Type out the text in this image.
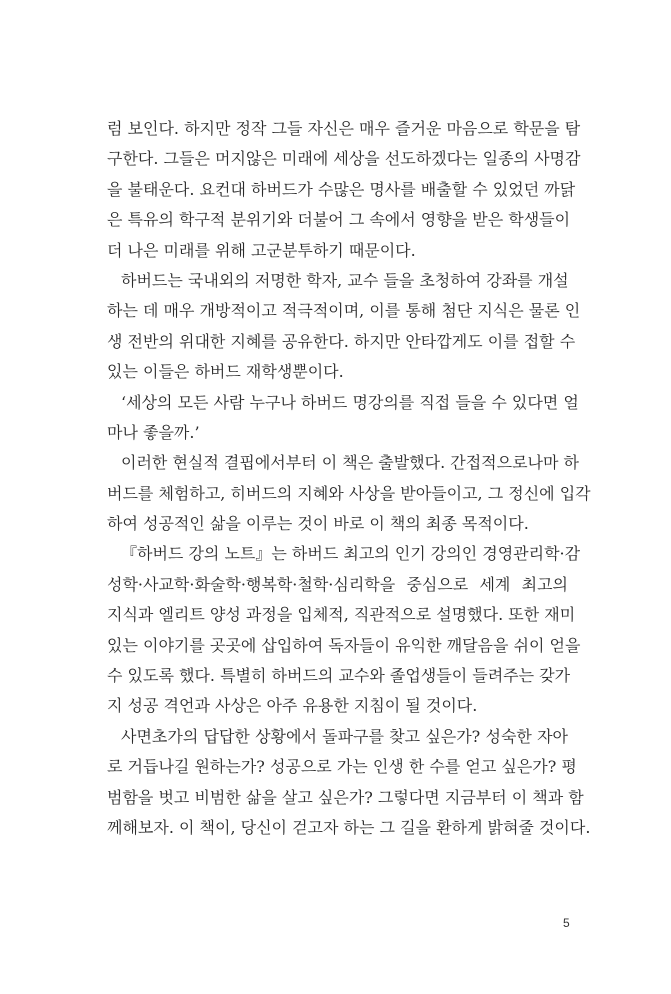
럼 보인다. 하지만 정작 그들 자신은 매우 즐거운 마음으로 학문을 탐
구한다. 그들은 머지않은 미래에 세상을 선도하겠다는 일종의 사명감
을 불태운다. 요컨대 하버드가 수많은 명사를 배출할 수 있었던 까닭
은 특유의 학구적 분위기와 더불어 그 속에서 영향을 받은 학생들이
더 나은 미래를 위해 고군분투하기 때문이다.
하버드는 국내외의 저명한 학자, 교수 들을 초청하여 강좌를 개설
하는 데 매우 개방적이고 적극적이며, 이를 통해 첨단 지식은 물론 인
생 전반의 위대한 지혜를 공유한다. 하지만 안타깝게도 이를 접할 수
있는 이들은 하버드 재학생뿐이다.
‘세상의 모든 사람 누구나 하버드 명강의를 직접 들을 수 있다면 얼
마나 좋을까.’
이러한 현실적 결핍에서부터 이 책은 출발했다. 간접적으로나마 하
버드를 체험하고, 히버드의 지혜와 사상을 받아들이고, 그 정신에 입각
하여 성공적인 삶을 이루는 것이 바로 이 책의 최종 목적이다.
『하버드 강의 노트』는 하버드 최고의 인기 강의인 경영관리학·감
성학·사교학·화술학·행복학·철학·심리학을 중심으로 세계 최고의
지식과 엘리트 양성 과정을 입체적, 직관적으로 설명했다. 또한 재미
있는 이야기를 곳곳에 삽입하여 독자들이 유익한 깨달음을 쉬이 얻을
수 있도록 했다. 특별히 하버드의 교수와 졸업생들이 들려주는 갖가
지 성공 격언과 사상은 아주 유용한 지침이 될 것이다.
사면초가의 답답한 상황에서 돌파구를 찾고 싶은가? 성숙한 자아
로 거듭나길 원하는가? 성공으로 가는 인생 한 수를 얻고 싶은가? 평
범함을 벗고 비범한 삶을 살고 싶은가? 그렇다면 지금부터 이 책과 함
께해보자. 이 책이, 당신이 걷고자 하는 그 길을 환하게 밝혀줄 것이다.
5
